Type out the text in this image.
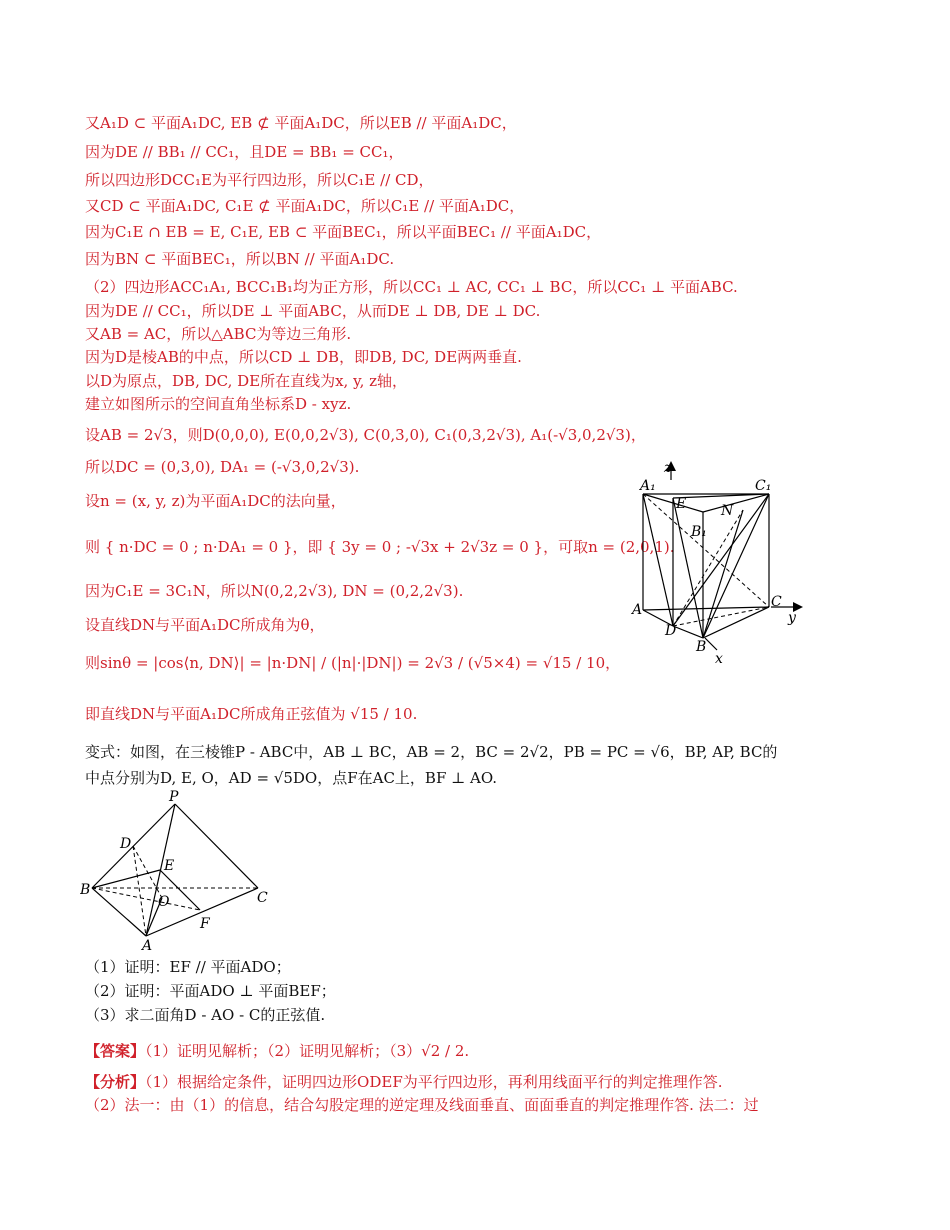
又A₁D ⊂ 平面A₁DC, EB ⊄ 平面A₁DC，所以EB // 平面A₁DC，
因为DE // BB₁ // CC₁，且DE = BB₁ = CC₁，
所以四边形DCC₁E为平行四边形，所以C₁E // CD，
又CD ⊂ 平面A₁DC, C₁E ⊄ 平面A₁DC，所以C₁E // 平面A₁DC，
因为C₁E ∩ EB = E, C₁E, EB ⊂ 平面BEC₁，所以平面BEC₁ // 平面A₁DC，
因为BN ⊂ 平面BEC₁，所以BN // 平面A₁DC.
（2）四边形ACC₁A₁, BCC₁B₁均为正方形，所以CC₁ ⊥ AC, CC₁ ⊥ BC，所以CC₁ ⊥ 平面ABC.
因为DE // CC₁，所以DE ⊥ 平面ABC，从而DE ⊥ DB, DE ⊥ DC.
又AB = AC，所以△ABC为等边三角形.
因为D是棱AB的中点，所以CD ⊥ DB，即DB, DC, DE两两垂直.
以D为原点，DB, DC, DE所在直线为x, y, z轴，
建立如图所示的空间直角坐标系D - xyz.
设AB = 2√3，则D(0,0,0), E(0,0,2√3), C(0,3,0), C₁(0,3,2√3), A₁(-√3,0,2√3)，
所以DC = (0,3,0), DA₁ = (-√3,0,2√3).
设n = (x, y, z)为平面A₁DC的法向量，
则 { n·DC = 0 ; n·DA₁ = 0 }，即 { 3y = 0 ; -√3x + 2√3z = 0 }，可取n = (2,0,1).
因为C₁E = 3C₁N，所以N(0,2,2√3), DN = (0,2,2√3).
设直线DN与平面A₁DC所成角为θ，
则sinθ = |cos⟨n, DN⟩| = |n·DN| / (|n|·|DN|) = 2√3 / (√5×4) = √15 / 10，
即直线DN与平面A₁DC所成角正弦值为 √15 / 10.
变式：如图，在三棱锥P - ABC中，AB ⊥ BC，AB = 2，BC = 2√2，PB = PC = √6，BP, AP, BC的
中点分别为D, E, O，AD = √5DO，点F在AC上，BF ⊥ AO.
（1）证明：EF // 平面ADO；
（2）证明：平面ADO ⊥ 平面BEF；
（3）求二面角D - AO - C的正弦值.
【答案】（1）证明见解析；（2）证明见解析；（3）√2 / 2.
【分析】（1）根据给定条件，证明四边形ODEF为平行四边形，再利用线面平行的判定推理作答.
（2）法一：由（1）的信息，结合勾股定理的逆定理及线面垂直、面面垂直的判定推理作答. 法二：过
z
A₁
E
C₁
N
B₁
A	C
y
D
B
x
P
D
E
B
O	C
F
A
